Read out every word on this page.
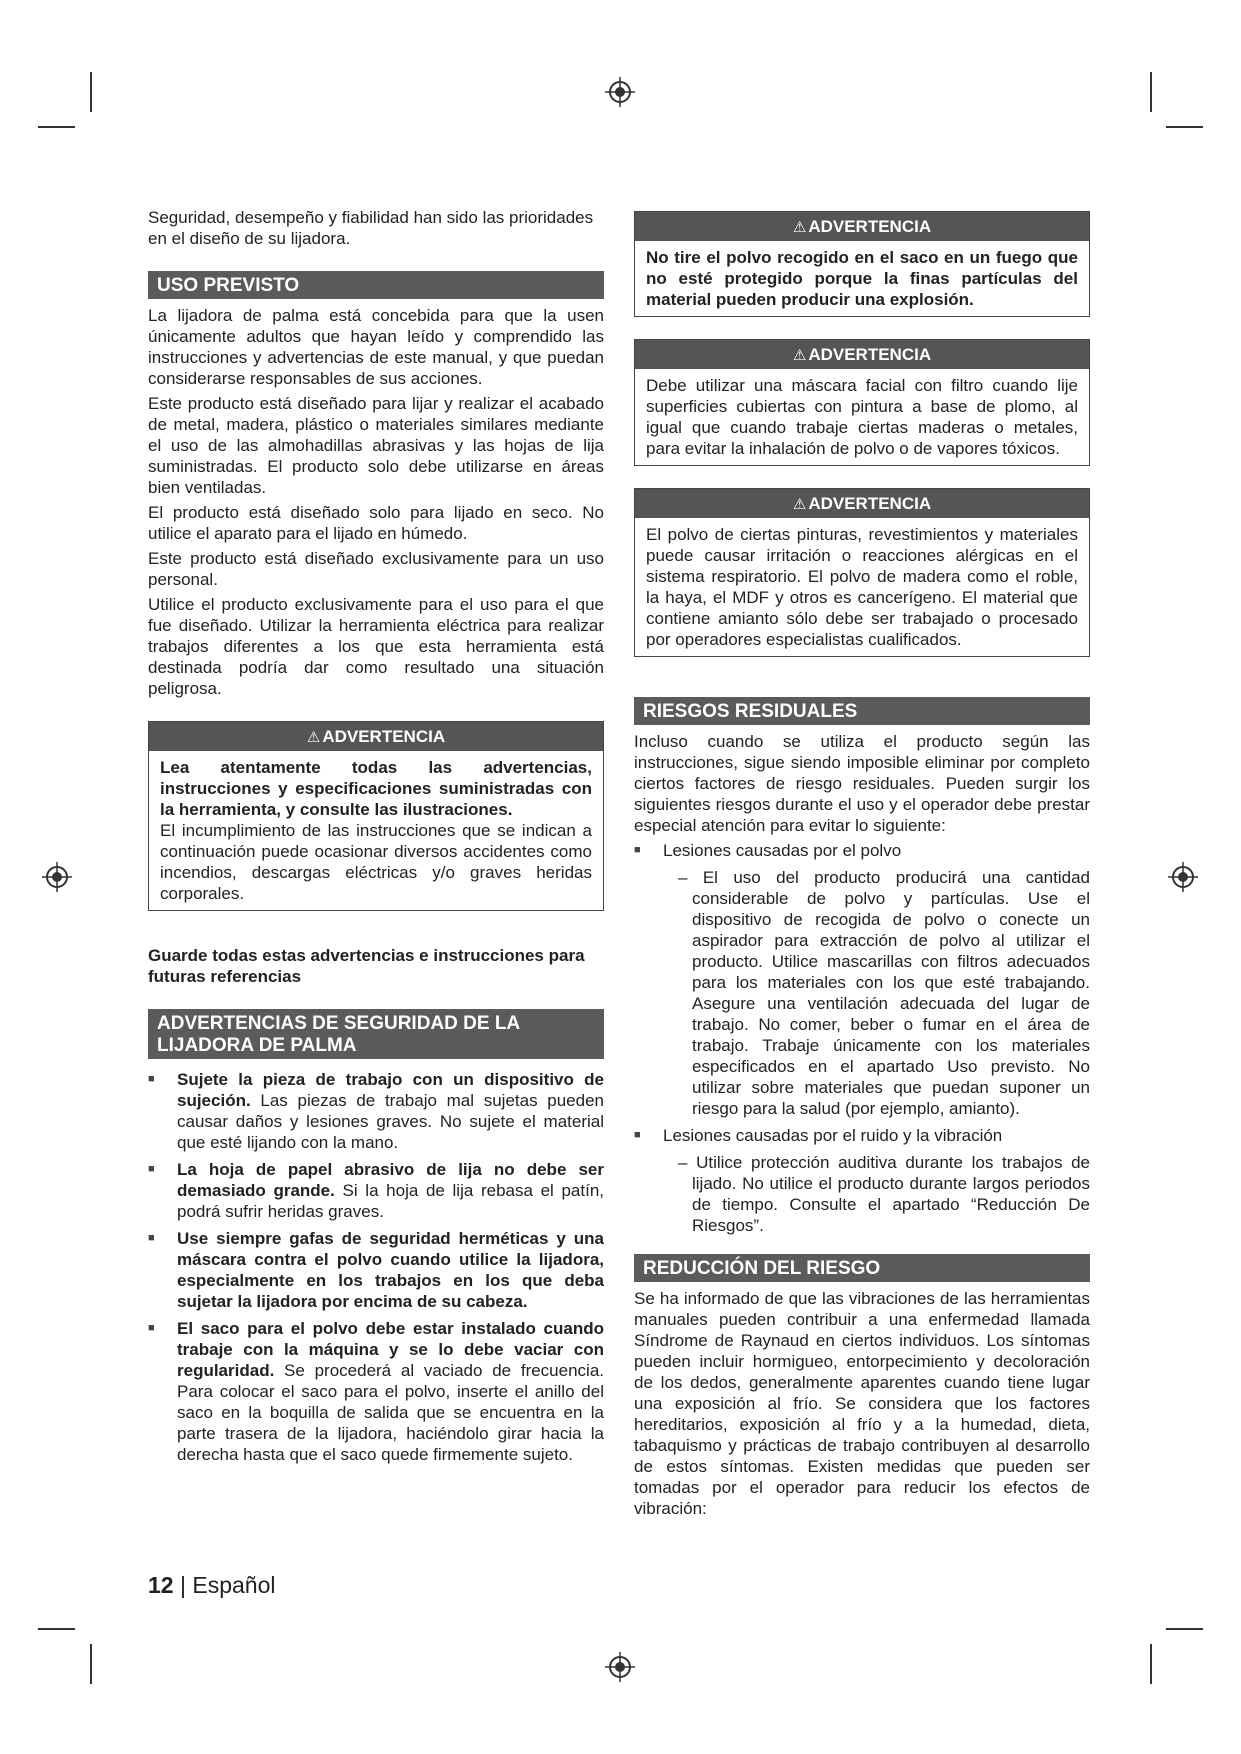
Seguridad, desempeño y fiabilidad han sido las prioridades en el diseño de su lijadora.

USO PREVISTO

La lijadora de palma está concebida para que la usen únicamente adultos que hayan leído y comprendido las instrucciones y advertencias de este manual, y que puedan considerarse responsables de sus acciones.

Este producto está diseñado para lijar y realizar el acabado de metal, madera, plástico o materiales similares mediante el uso de las almohadillas abrasivas y las hojas de lija suministradas. El producto solo debe utilizarse en áreas bien ventiladas.

El producto está diseñado solo para lijado en seco. No utilice el aparato para el lijado en húmedo.

Este producto está diseñado exclusivamente para un uso personal.

Utilice el producto exclusivamente para el uso para el que fue diseñado. Utilizar la herramienta eléctrica para realizar trabajos diferentes a los que esta herramienta está destinada podría dar como resultado una situación peligrosa.

⚠ ADVERTENCIA
Lea atentamente todas las advertencias, instrucciones y especificaciones suministradas con la herramienta, y consulte las ilustraciones.
El incumplimiento de las instrucciones que se indican a continuación puede ocasionar diversos accidentes como incendios, descargas eléctricas y/o graves heridas corporales.

Guarde todas estas advertencias e instrucciones para futuras referencias

ADVERTENCIAS DE SEGURIDAD DE LA LIJADORA DE PALMA
■ Sujete la pieza de trabajo con un dispositivo de sujeción. Las piezas de trabajo mal sujetas pueden causar daños y lesiones graves. No sujete el material que esté lijando con la mano.
■ La hoja de papel abrasivo de lija no debe ser demasiado grande. Si la hoja de lija rebasa el patín, podrá sufrir heridas graves.
■ Use siempre gafas de seguridad herméticas y una máscara contra el polvo cuando utilice la lijadora, especialmente en los trabajos en los que deba sujetar la lijadora por encima de su cabeza.
■ El saco para el polvo debe estar instalado cuando trabaje con la máquina y se lo debe vaciar con regularidad. Se procederá al vaciado de frecuencia. Para colocar el saco para el polvo, inserte el anillo del saco en la boquilla de salida que se encuentra en la parte trasera de la lijadora, haciéndolo girar hacia la derecha hasta que el saco quede firmemente sujeto.
⚠ ADVERTENCIA
No tire el polvo recogido en el saco en un fuego que no esté protegido porque la finas partículas del material pueden producir una explosión.
⚠ ADVERTENCIA
Debe utilizar una máscara facial con filtro cuando lije superficies cubiertas con pintura a base de plomo, al igual que cuando trabaje ciertas maderas o metales, para evitar la inhalación de polvo o de vapores tóxicos.
⚠ ADVERTENCIA
El polvo de ciertas pinturas, revestimientos y materiales puede causar irritación o reacciones alérgicas en el sistema respiratorio. El polvo de madera como el roble, la haya, el MDF y otros es cancerígeno. El material que contiene amianto sólo debe ser trabajado o procesado por operadores especialistas cualificados.
RIESGOS RESIDUALES

Incluso cuando se utiliza el producto según las instrucciones, sigue siendo imposible eliminar por completo ciertos factores de riesgo residuales. Pueden surgir los siguientes riesgos durante el uso y el operador debe prestar especial atención para evitar lo siguiente:

■ Lesiones causadas por el polvo
– El uso del producto producirá una cantidad considerable de polvo y partículas. Use el dispositivo de recogida de polvo o conecte un aspirador para extracción de polvo al utilizar el producto. Utilice mascarillas con filtros adecuados para los materiales con los que esté trabajando. Asegure una ventilación adecuada del lugar de trabajo. No comer, beber o fumar en el área de trabajo. Trabaje únicamente con los materiales especificados en el apartado Uso previsto. No utilizar sobre materiales que puedan suponer un riesgo para la salud (por ejemplo, amianto).
■ Lesiones causadas por el ruido y la vibración
– Utilice protección auditiva durante los trabajos de lijado. No utilice el producto durante largos periodos de tiempo. Consulte el apartado “Reducción De Riesgos”.
REDUCCIÓN DEL RIESGO

Se ha informado de que las vibraciones de las herramientas manuales pueden contribuir a una enfermedad llamada Síndrome de Raynaud en ciertos individuos. Los síntomas pueden incluir hormigueo, entorpecimiento y decoloración de los dedos, generalmente aparentes cuando tiene lugar una exposición al frío. Se considera que los factores hereditarios, exposición al frío y a la humedad, dieta, tabaquismo y prácticas de trabajo contribuyen al desarrollo de estos síntomas. Existen medidas que pueden ser tomadas por el operador para reducir los efectos de vibración:

12 | Español
